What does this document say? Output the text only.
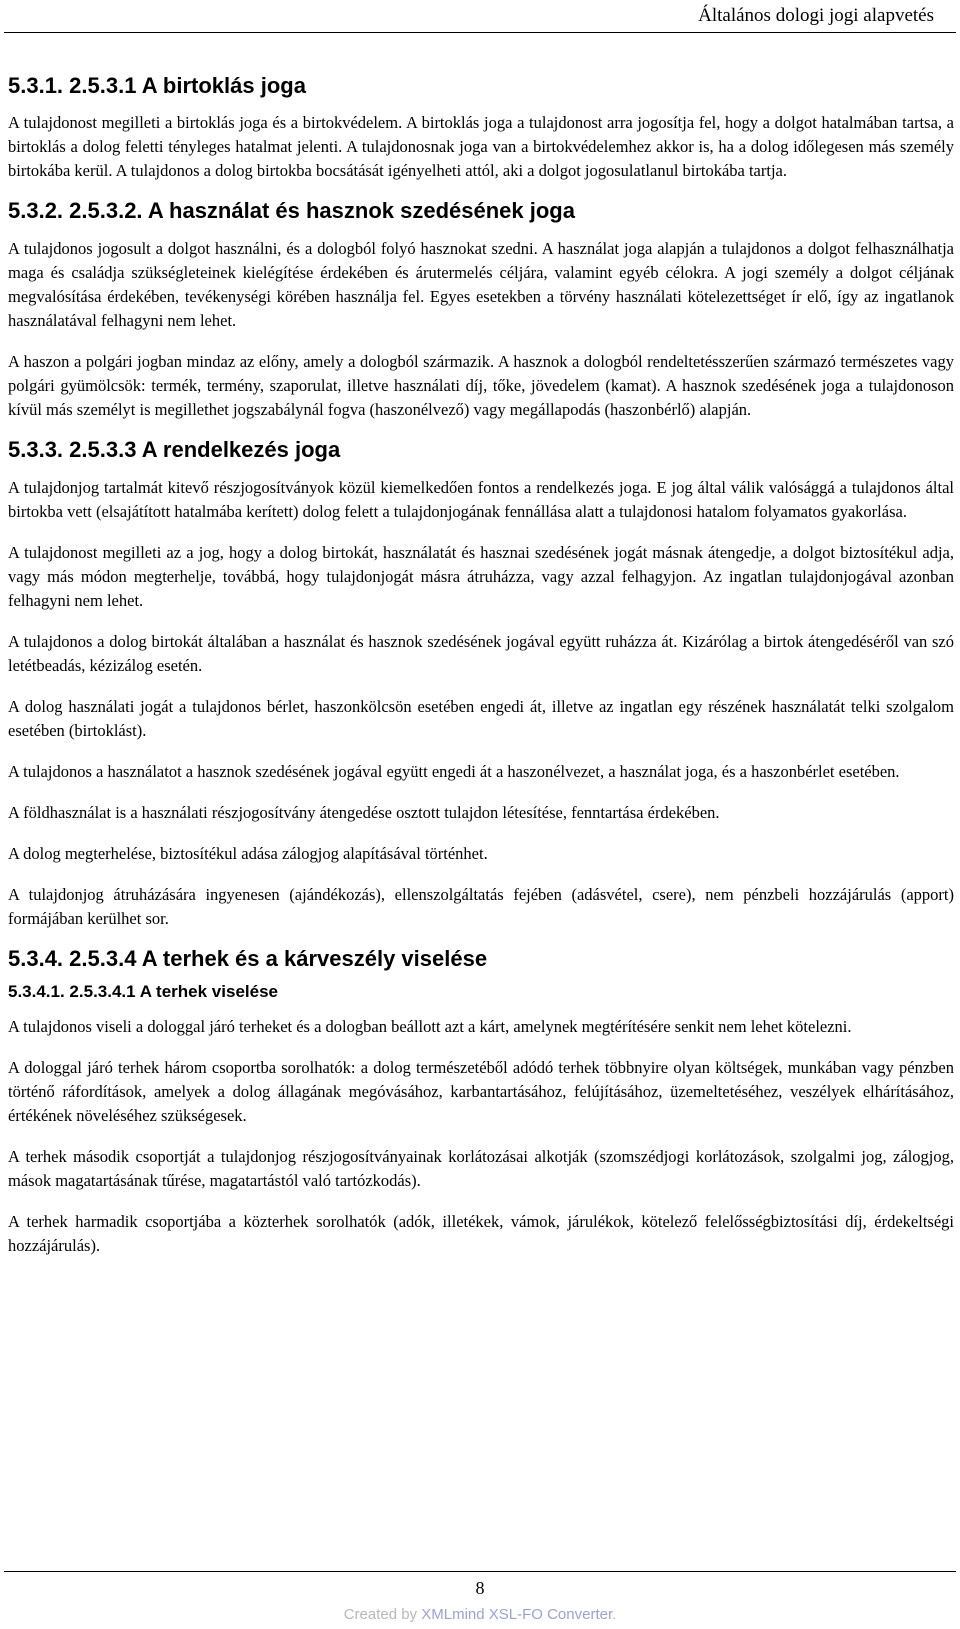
Általános dologi jogi alapvetés
5.3.1. 2.5.3.1 A birtoklás joga

A tulajdonost megilleti a birtoklás joga és a birtokvédelem. A birtoklás joga a tulajdonost arra jogosítja fel, hogy a dolgot hatalmában tartsa, a birtoklás a dolog feletti tényleges hatalmat jelenti. A tulajdonosnak joga van a birtokvédelemhez akkor is, ha a dolog időlegesen más személy birtokába kerül. A tulajdonos a dolog birtokba bocsátását igényelheti attól, aki a dolgot jogosulatlanul birtokába tartja.

5.3.2. 2.5.3.2. A használat és hasznok szedésének joga

A tulajdonos jogosult a dolgot használni, és a dologból folyó hasznokat szedni. A használat joga alapján a tulajdonos a dolgot felhasználhatja maga és családja szükségleteinek kielégítése érdekében és árutermelés céljára, valamint egyéb célokra. A jogi személy a dolgot céljának megvalósítása érdekében, tevékenységi körében használja fel. Egyes esetekben a törvény használati kötelezettséget ír elő, így az ingatlanok használatával felhagyni nem lehet.

A haszon a polgári jogban mindaz az előny, amely a dologból származik. A hasznok a dologból rendeltetésszerűen származó természetes vagy polgári gyümölcsök: termék, termény, szaporulat, illetve használati díj, tőke, jövedelem (kamat). A hasznok szedésének joga a tulajdonoson kívül más személyt is megillethet jogszabálynál fogva (haszonélvező) vagy megállapodás (haszonbérlő) alapján.

5.3.3. 2.5.3.3 A rendelkezés joga

A tulajdonjog tartalmát kitevő részjogosítványok közül kiemelkedően fontos a rendelkezés joga. E jog által válik valósággá a tulajdonos által birtokba vett (elsajátított hatalmába kerített) dolog felett a tulajdonjogának fennállása alatt a tulajdonosi hatalom folyamatos gyakorlása.

A tulajdonost megilleti az a jog, hogy a dolog birtokát, használatát és hasznai szedésének jogát másnak átengedje, a dolgot biztosítékul adja, vagy más módon megterhelje, továbbá, hogy tulajdonjogát másra átruházza, vagy azzal felhagyjon. Az ingatlan tulajdonjogával azonban felhagyni nem lehet.

A tulajdonos a dolog birtokát általában a használat és hasznok szedésének jogával együtt ruházza át. Kizárólag a birtok átengedéséről van szó letétbeadás, kézizálog esetén.

A dolog használati jogát a tulajdonos bérlet, haszonkölcsön esetében engedi át, illetve az ingatlan egy részének használatát telki szolgalom esetében (birtoklást).

A tulajdonos a használatot a hasznok szedésének jogával együtt engedi át a haszonélvezet, a használat joga, és a haszonbérlet esetében.

A földhasználat is a használati részjogosítvány átengedése osztott tulajdon létesítése, fenntartása érdekében.

A dolog megterhelése, biztosítékul adása zálogjog alapításával történhet.

A tulajdonjog átruházására ingyenesen (ajándékozás), ellenszolgáltatás fejében (adásvétel, csere), nem pénzbeli hozzájárulás (apport) formájában kerülhet sor.

5.3.4. 2.5.3.4 A terhek és a kárveszély viselése
5.3.4.1. 2.5.3.4.1 A terhek viselése

A tulajdonos viseli a dologgal járó terheket és a dologban beállott azt a kárt, amelynek megtérítésére senkit nem lehet kötelezni.

A dologgal járó terhek három csoportba sorolhatók: a dolog természetéből adódó terhek többnyire olyan költségek, munkában vagy pénzben történő ráfordítások, amelyek a dolog állagának megóvásához, karbantartásához, felújításához, üzemeltetéséhez, veszélyek elhárításához, értékének növeléséhez szükségesek.

A terhek második csoportját a tulajdonjog részjogosítványainak korlátozásai alkotják (szomszédjogi korlátozások, szolgalmi jog, zálogjog, mások magatartásának tűrése, magatartástól való tartózkodás).

A terhek harmadik csoportjába a közterhek sorolhatók (adók, illetékek, vámok, járulékok, kötelező felelősségbiztosítási díj, érdekeltségi hozzájárulás).

8
Created by XMLmind XSL-FO Converter.
